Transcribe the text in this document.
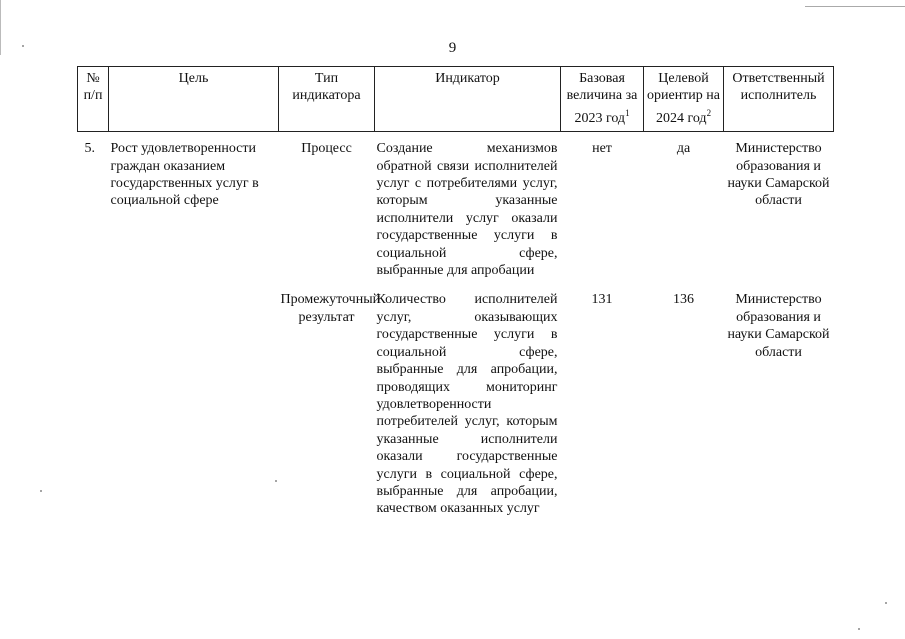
9
№ п/п	Цель	Тип индикатора	Индикатор	Базовая величина за 2023 год$^1$	Целевой ориентир на 2024 год$^2$	Ответственный исполнитель

5.	Рост удовлетворенности граждан оказанием государственных услуг в социальной сфере	Процесс	Создание механизмов обратной связи исполнителей услуг с потребителями услуг, которым указанные исполнители услуг оказали государственные услуги в социальной сфере, выбранные для апробации	нет	да	Министерство образования и науки Самарской области
		Промежуточный результат	Количество исполнителей услуг, оказывающих государственные услуги в социальной сфере, выбранные для апробации, проводящих мониторинг удовлетворенности потребителей услуг, которым указанные исполнители оказали государственные услуги в социальной сфере, выбранные для апробации, качеством оказанных услуг	131	136	Министерство образования и науки Самарской области
